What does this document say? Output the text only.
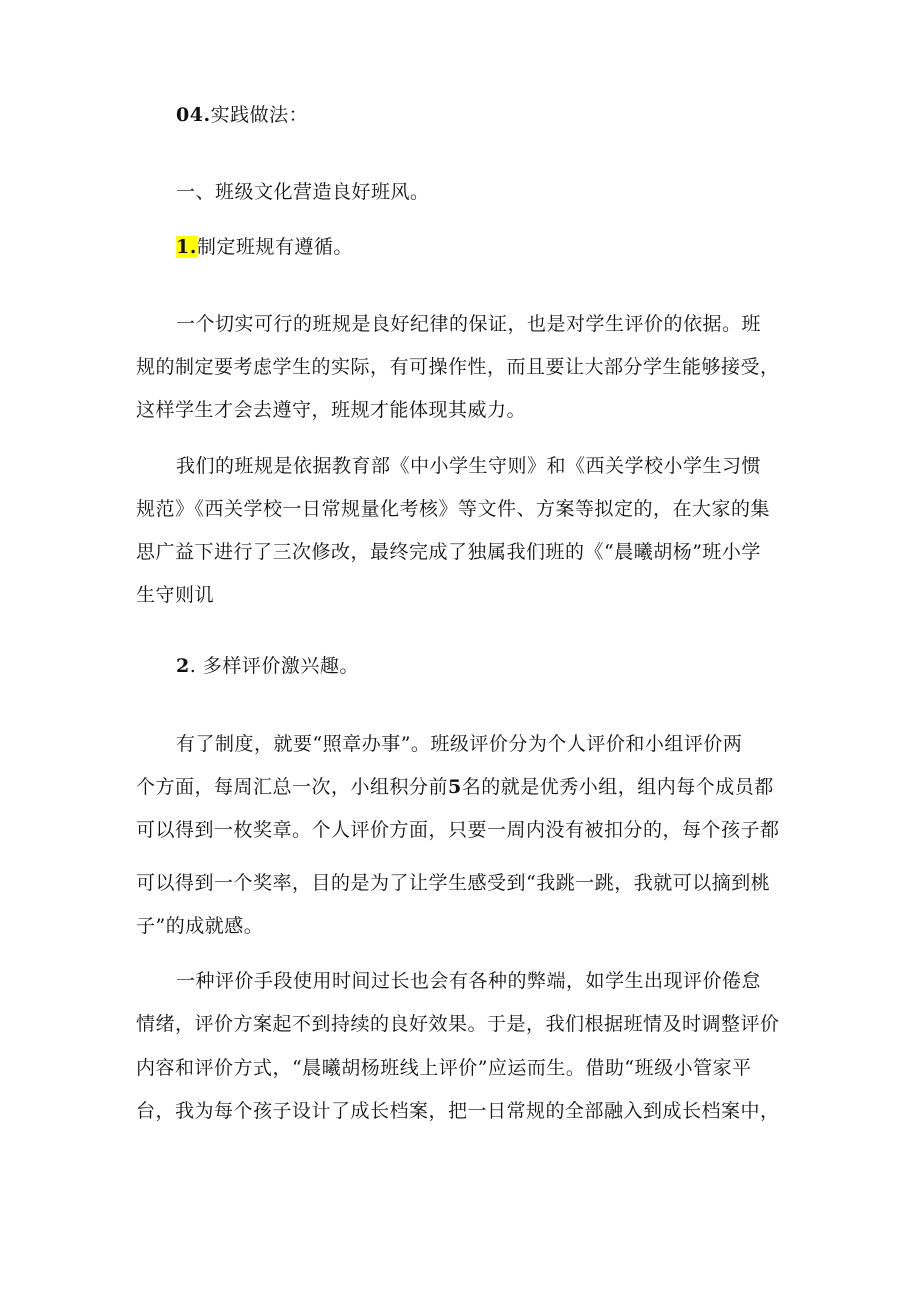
04.实践做法：
一、班级文化营造良好班风。
1.制定班规有遵循。
一个切实可行的班规是良好纪律的保证，也是对学生评价的依据。班
规的制定要考虑学生的实际，有可操作性，而且要让大部分学生能够接受，
这样学生才会去遵守，班规才能体现其威力。
我们的班规是依据教育部《中小学生守则》和《西关学校小学生习惯
规范》《西关学校一日常规量化考核》等文件、方案等拟定的，在大家的集
思广益下进行了三次修改，最终完成了独属我们班的《“晨曦胡杨”班小学
生守则讥
2. 多样评价激兴趣。
有了制度，就要“照章办事”。班级评价分为个人评价和小组评价两
个方面，每周汇总一次，小组积分前5名的就是优秀小组，组内每个成员都
可以得到一枚奖章。个人评价方面，只要一周内没有被扣分的，每个孩子都
可以得到一个奖率，目的是为了让学生感受到“我跳一跳，我就可以摘到桃
子”的成就感。
一种评价手段使用时间过长也会有各种的弊端，如学生出现评价倦怠
情绪，评价方案起不到持续的良好效果。于是，我们根据班情及时调整评价
内容和评价方式，“晨曦胡杨班线上评价”应运而生。借助“班级小管家平
台，我为每个孩子设计了成长档案，把一日常规的全部融入到成长档案中，
